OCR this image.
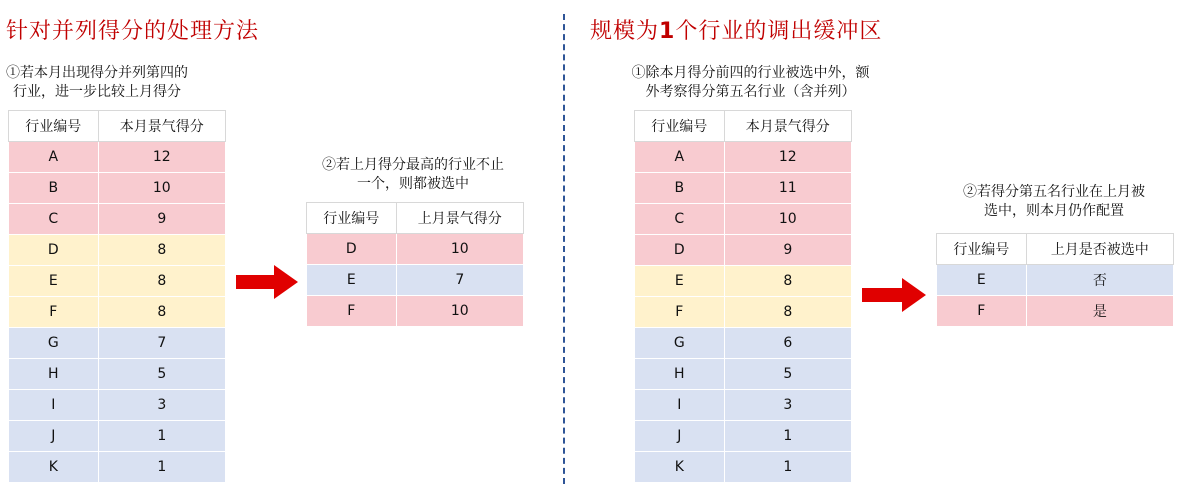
针对并列得分的处理方法
①若本月出现得分并列第四的
行业，进一步比较上月得分
行业编号	本月景气得分
A	12
B	10
C	9
D	8
E	8
F	8
G	7
H	5
I	3
J	1
K	1
②若上月得分最高的行业不止
一个，则都被选中
行业编号	上月景气得分
D	10
E	7
F	10
规模为1个行业的调出缓冲区
①除本月得分前四的行业被选中外，额
外考察得分第五名行业（含并列）
行业编号	本月景气得分
A	12
B	11
C	10
D	9
E	8
F	8
G	6
H	5
I	3
J	1
K	1
②若得分第五名行业在上月被
选中，则本月仍作配置
行业编号	上月是否被选中
E	否
F	是
